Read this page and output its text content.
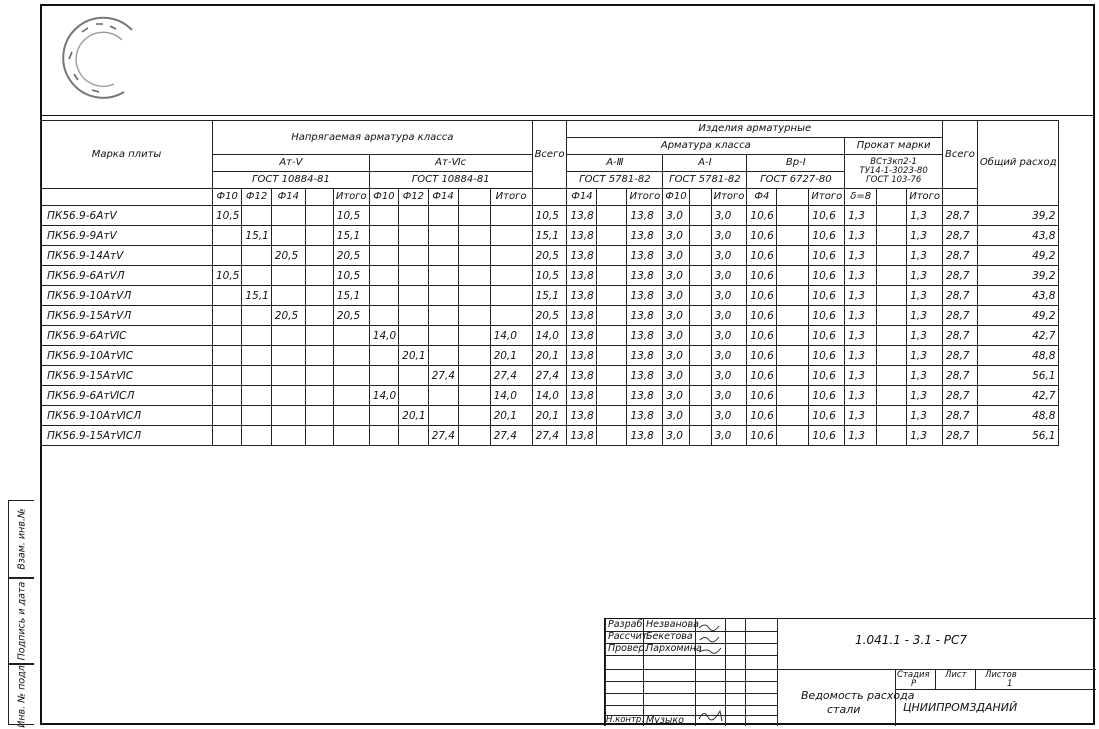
Марка плиты	Напрягаемая арматура класса										Всего	Изделия арматурные												Всего	Общий расход
												Арматура класса									Прокат марки				
	Ат-Ⅴ					Ат-Ⅵс						А-Ⅲ			А-Ⅰ			Вр-Ⅰ			ВСт3кп2-1
ТУ14-1-3023-80
ГОСТ 103-76				

	ГОСТ 10884-81					ГОСТ 10884-81						ГОСТ 5781-82			ГОСТ 5781-82			ГОСТ 6727-80							
	Ф10	Ф12	Ф14		Итого	Ф10	Ф12	Ф14		Итого		Ф14		Итого	Ф10		Итого	Ф4		Итого	δ=8		Итого		
ПК56.9-6АтⅤ	10,5				10,5						10,5	13,8		13,8	3,0		3,0	10,6		10,6	1,3		1,3	28,7	39,2
ПК56.9-9АтⅤ		15,1			15,1						15,1	13,8		13,8	3,0		3,0	10,6		10,6	1,3		1,3	28,7	43,8
ПК56.9-14АтⅤ			20,5		20,5						20,5	13,8		13,8	3,0		3,0	10,6		10,6	1,3		1,3	28,7	49,2
ПК56.9-6АтⅤЛ	10,5				10,5						10,5	13,8		13,8	3,0		3,0	10,6		10,6	1,3		1,3	28,7	39,2
ПК56.9-10АтⅤЛ		15,1			15,1						15,1	13,8		13,8	3,0		3,0	10,6		10,6	1,3		1,3	28,7	43,8
ПК56.9-15АтⅤЛ			20,5		20,5						20,5	13,8		13,8	3,0		3,0	10,6		10,6	1,3		1,3	28,7	49,2
ПК56.9-6АтⅥС						14,0				14,0	14,0	13,8		13,8	3,0		3,0	10,6		10,6	1,3		1,3	28,7	42,7
ПК56.9-10АтⅥС							20,1			20,1	20,1	13,8		13,8	3,0		3,0	10,6		10,6	1,3		1,3	28,7	48,8
ПК56.9-15АтⅥС								27,4		27,4	27,4	13,8		13,8	3,0		3,0	10,6		10,6	1,3		1,3	28,7	56,1
ПК56.9-6АтⅥСЛ						14,0				14,0	14,0	13,8		13,8	3,0		3,0	10,6		10,6	1,3		1,3	28,7	42,7
ПК56.9-10АтⅥСЛ							20,1			20,1	20,1	13,8		13,8	3,0		3,0	10,6		10,6	1,3		1,3	28,7	48,8
ПК56.9-15АтⅥСЛ								27,4		27,4	27,4	13,8		13,8	3,0		3,0	10,6		10,6	1,3		1,3	28,7	56,1
Взам. инв.№
Подпись и дата
Инв. № подл.
Разраб. Незванова
Рассчит.
Бекетова
Провер.
Пархомина
Н.контр. Музыко
1.041.1 - 3.1 - РС7
Ведомость расхода
стали
Стадия Лист Листов
Р	1
ЦНИИПРОМЗДАНИЙ
